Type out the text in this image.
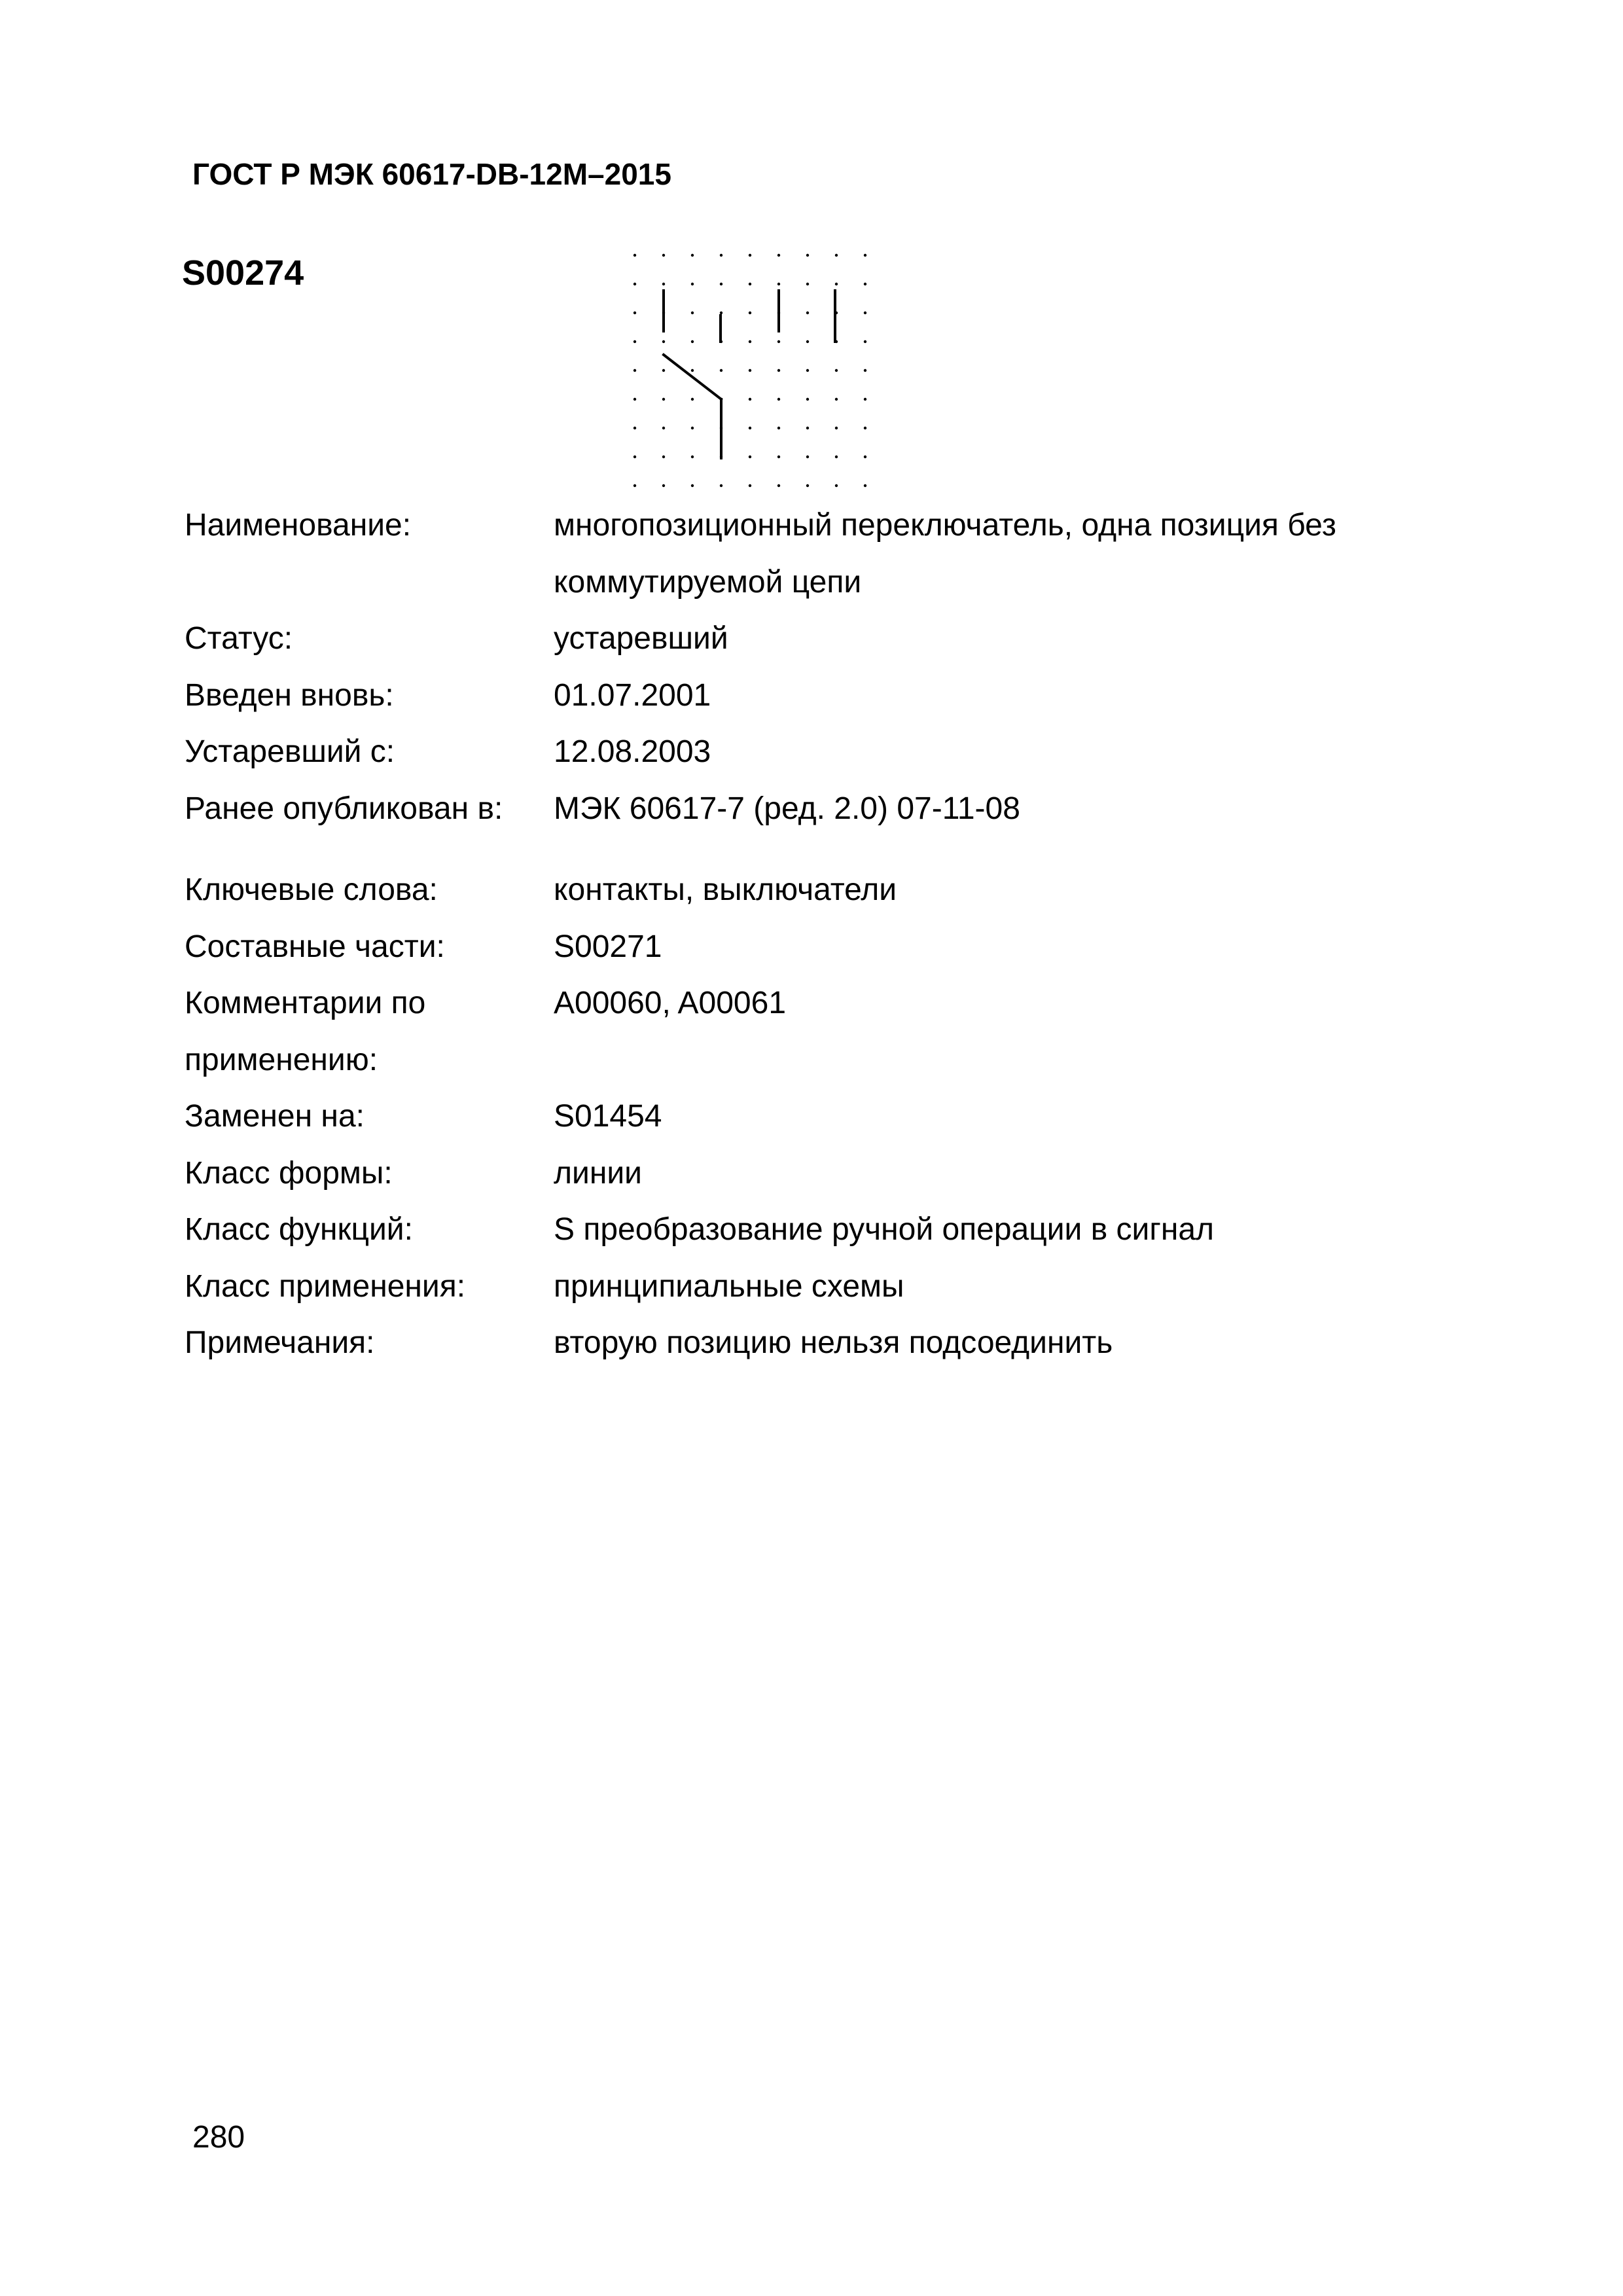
ГОСТ Р МЭК 60617-DB-12M–2015
S00274
Наименование:	многопозиционный переключатель, одна позиция без коммутируемой цепи
Статус:	устаревший
Введен вновь:	01.07.2001
Устаревший с:	12.08.2003
Ранее опубликован в:	МЭК 60617-7 (ред. 2.0) 07-11-08
Ключевые слова:	контакты, выключатели
Составные части:	S00271
Комментарии по применению:
A00060, A00061
Заменен на:	S01454
Класс формы:	линии
Класс функций:	S преобразование ручной операции в сигнал
Класс применения:	принципиальные схемы
Примечания:	вторую позицию нельзя подсоединить
280
